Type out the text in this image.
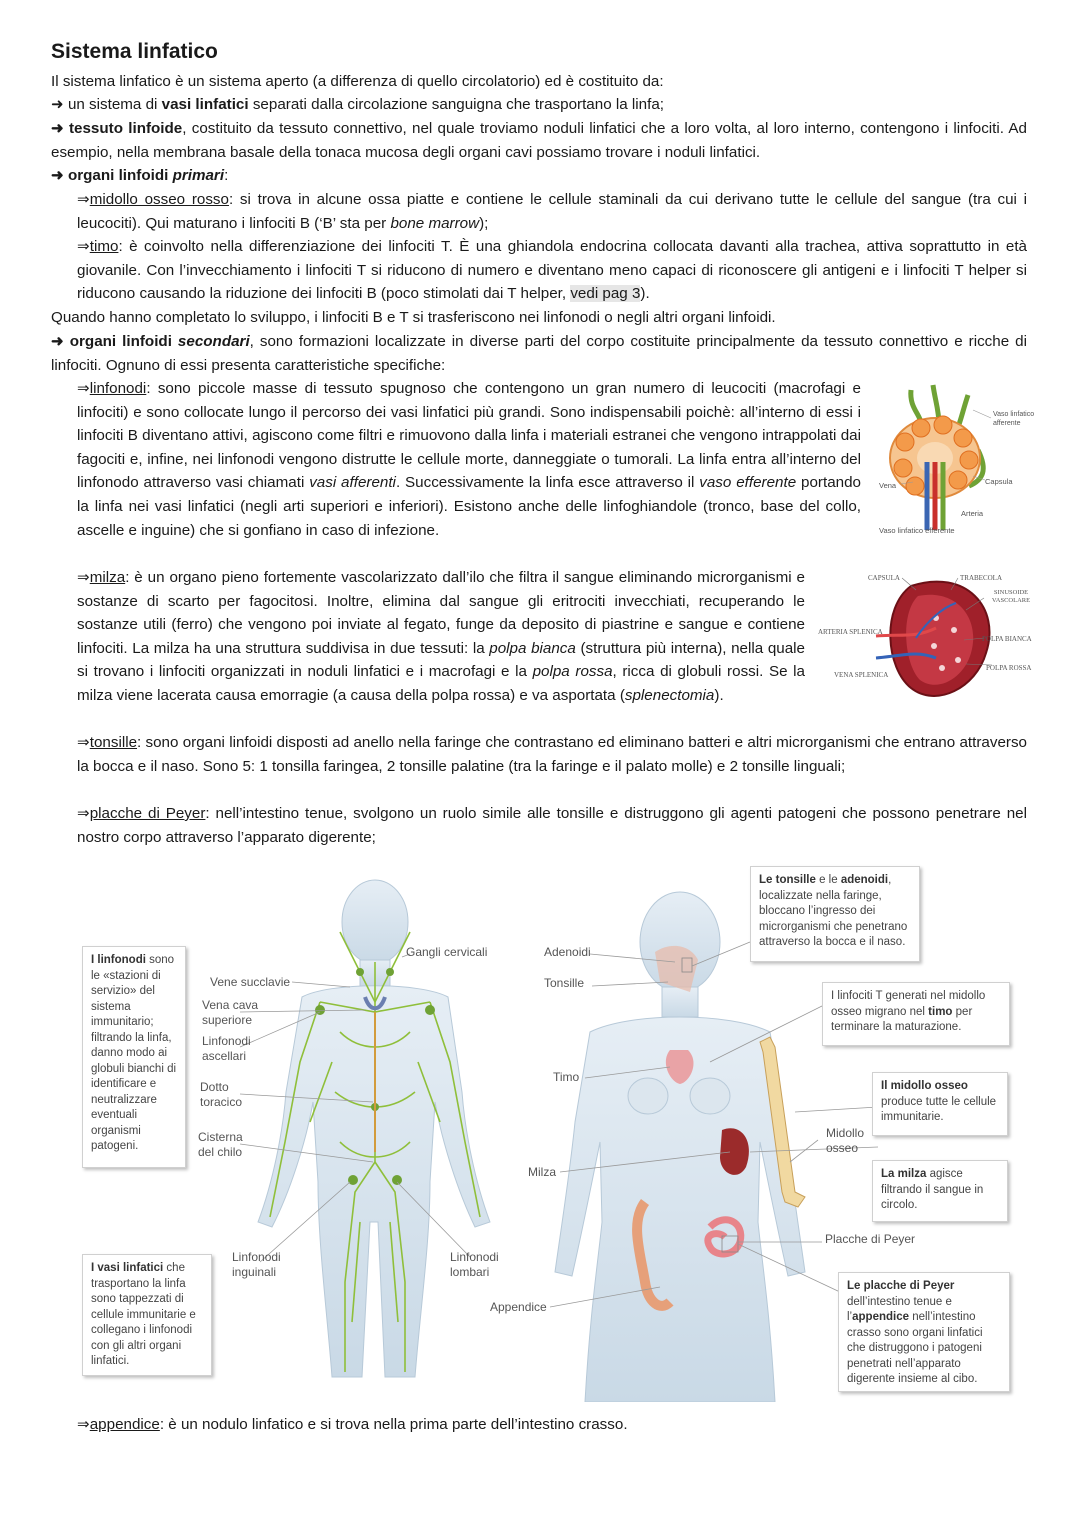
Sistema linfatico
Il sistema linfatico è un sistema aperto (a differenza di quello circolatorio) ed è costituito da:
➜ un sistema di vasi linfatici separati dalla circolazione sanguigna che trasportano la linfa;
➜ tessuto linfoide, costituito da tessuto connettivo, nel quale troviamo noduli linfatici che a loro volta, al loro interno, contengono i linfociti. Ad esempio, nella membrana basale della tonaca mucosa degli organi cavi possiamo trovare i noduli linfatici.
➜ organi linfoidi primari:
⇒midollo osseo rosso: si trova in alcune ossa piatte e contiene le cellule staminali da cui derivano tutte le cellule del sangue (tra cui i leucociti). Qui maturano i linfociti B (‘B’ sta per bone marrow);
⇒timo: è coinvolto nella differenziazione dei linfociti T. È una ghiandola endocrina collocata davanti alla trachea, attiva soprattutto in età giovanile. Con l’invecchiamento i linfociti T si riducono di numero e diventano meno capaci di riconoscere gli antigeni e i linfociti T helper si riducono causando la riduzione dei linfociti B (poco stimolati dai T helper, vedi pag 3).
Quando hanno completato lo sviluppo, i linfociti B e T si trasferiscono nei linfonodi o negli altri organi linfoidi.
➜ organi linfoidi secondari, sono formazioni localizzate in diverse parti del corpo costituite principalmente da tessuto connettivo e ricche di linfociti. Ognuno di essi presenta caratteristiche specifiche:
⇒linfonodi: sono piccole masse di tessuto spugnoso che contengono un gran numero di leucociti (macrofagi e linfociti) e sono collocate lungo il percorso dei vasi linfatici più grandi. Sono indispensabili poichè: all’interno di essi i linfociti B diventano attivi, agiscono come filtri e rimuovono dalla linfa i materiali estranei che vengono intrappolati dai fagociti e, infine, nei linfonodi vengono distrutte le cellule morte, danneggiate o tumorali. La linfa entra all’interno del linfonodo attraverso vasi chiamati vasi afferenti. Successivamente la linfa esce attraverso il vaso efferente portando la linfa nei vasi linfatici (negli arti superiori e inferiori). Esistono anche delle linfoghiandole (tronco, base del collo, ascelle e inguine) che si gonfiano in caso di infezione.
Vaso linfatico afferente
Capsula
Vena
Arteria
Vaso linfatico efferente
⇒milza: è un organo pieno fortemente vascolarizzato dall’ilo che filtra il sangue eliminando microrganismi e sostanze di scarto per fagocitosi. Inoltre, elimina dal sangue gli eritrociti invecchiati, recuperando le sostanze utili (ferro) che vengono poi inviate al fegato, funge da deposito di piastrine e sangue e contiene linfociti. La milza ha una struttura suddivisa in due tessuti: la polpa bianca (struttura più interna), nella quale si trovano i linfociti organizzati in noduli linfatici e i macrofagi e la polpa rossa, ricca di globuli rossi. Se la milza viene lacerata causa emorragie (a causa della polpa rossa) e va asportata (splenectomia).
CAPSULA	TRABECOLA
SINUSOIDE VASCOLARE
ARTERIA SPLENICA
POLPA BIANCA
VENA SPLENICA
POLPA ROSSA
⇒tonsille: sono organi linfoidi disposti ad anello nella faringe che contrastano ed eliminano batteri e altri microrganismi che entrano attraverso la bocca e il naso. Sono 5: 1 tonsilla faringea, 2 tonsille palatine (tra la faringe e il palato molle) e 2 tonsille linguali;
⇒placche di Peyer: nell’intestino tenue, svolgono un ruolo simile alle tonsille e distruggono gli agenti patogeni che possono penetrare nel nostro corpo attraverso l’apparato digerente;
Gangli cervicali
Vene succlavie
Vena cava superiore
Linfonodi ascellari
Dotto toracico
Cisterna del chilo
Linfonodi inguinali
Linfonodi lombari
I linfonodi sono le «stazioni di servizio» del sistema immunitario; filtrando la linfa, danno modo ai globuli bianchi di identificare e neutralizzare eventuali organismi patogeni.
I vasi linfatici che trasportano la linfa sono tappezzati di cellule immunitarie e collegano i linfonodi con gli altri organi linfatici.
Adenoidi
Tonsille
Timo
Milza
Appendice
Midollo osseo
Placche di Peyer
Le tonsille e le adenoidi, localizzate nella faringe, bloccano l’ingresso dei microrganismi che penetrano attraverso la bocca e il naso.
I linfociti T generati nel midollo osseo migrano nel timo per terminare la maturazione.
Il midollo osseo produce tutte le cellule immunitarie.
La milza agisce filtrando il sangue in circolo.
Le placche di Peyer dell’intestino tenue e l’appendice nell’intestino crasso sono organi linfatici che distruggono i patogeni penetrati nell’apparato digerente insieme al cibo.
⇒appendice: è un nodulo linfatico e si trova nella prima parte dell’intestino crasso.
